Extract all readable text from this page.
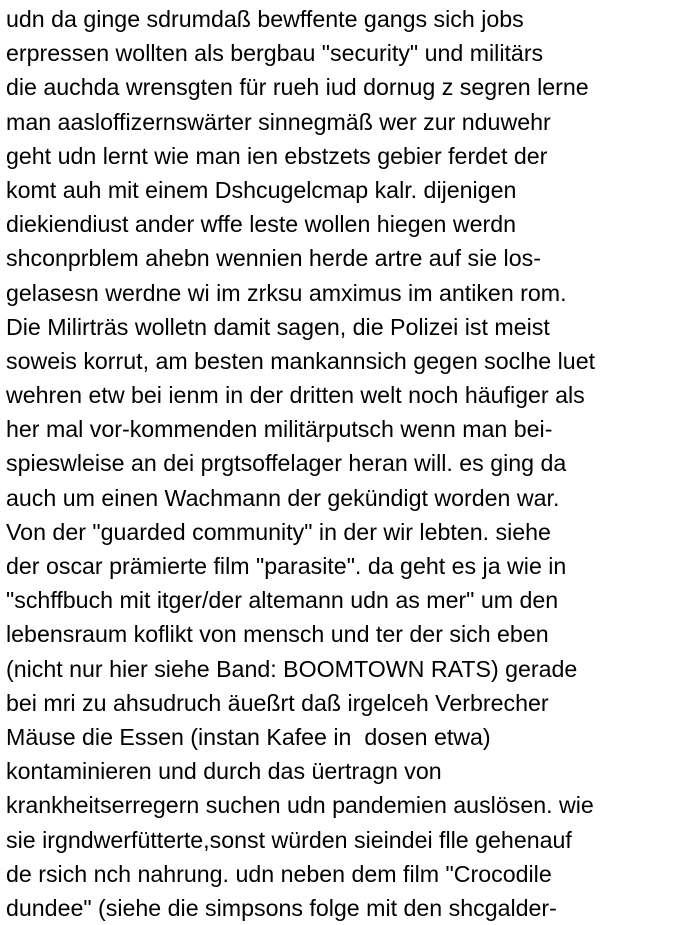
udn da ginge sdrumdaß bewffente gangs sich jobs
erpressen wollten als bergbau "security" und militärs
die auchda wrensgten für rueh iud dornug z segren lerne
man aasloffizernswärter sinnegmäß wer zur nduwehr
geht udn lernt wie man ien ebstzets gebier ferdet der
komt auh mit einem Dshcugelcmap kalr. dijenigen
diekiendiust ander wffe leste wollen hiegen werdn
shconprblem ahebn wennien herde artre auf sie los-
gelasesn werdne wi im zrksu amximus im antiken rom.
Die Milirträs wolletn damit sagen, die Polizei ist meist
soweis korrut, am besten mankannsich gegen soclhe luet
wehren etw bei ienm in der dritten welt noch häufiger als
her mal vor-kommenden militärputsch wenn man bei-
spieswleise an dei prgtsoffelager heran will. es ging da
auch um einen Wachmann der gekündigt worden war.
Von der "guarded community" in der wir lebten. siehe
der oscar prämierte film "parasite". da geht es ja wie in
"schffbuch mit itger/der altemann udn as mer" um den
lebensraum koflikt von mensch und ter der sich eben
(nicht nur hier siehe Band: BOOMTOWN RATS) gerade
bei mri zu ahsudruch äueßrt daß irgelceh Verbrecher
Mäuse die Essen (instan Kafee in  dosen etwa)
kontaminieren und durch das üertragn von
krankheitserregern suchen udn pandemien auslösen. wie
sie irgndwerfütterte,sonst würden sieindei flle gehenauf
de rsich nch nahrung. udn neben dem film "Crocodile
dundee" (siehe die simpsons folge mit den shcgalder-
